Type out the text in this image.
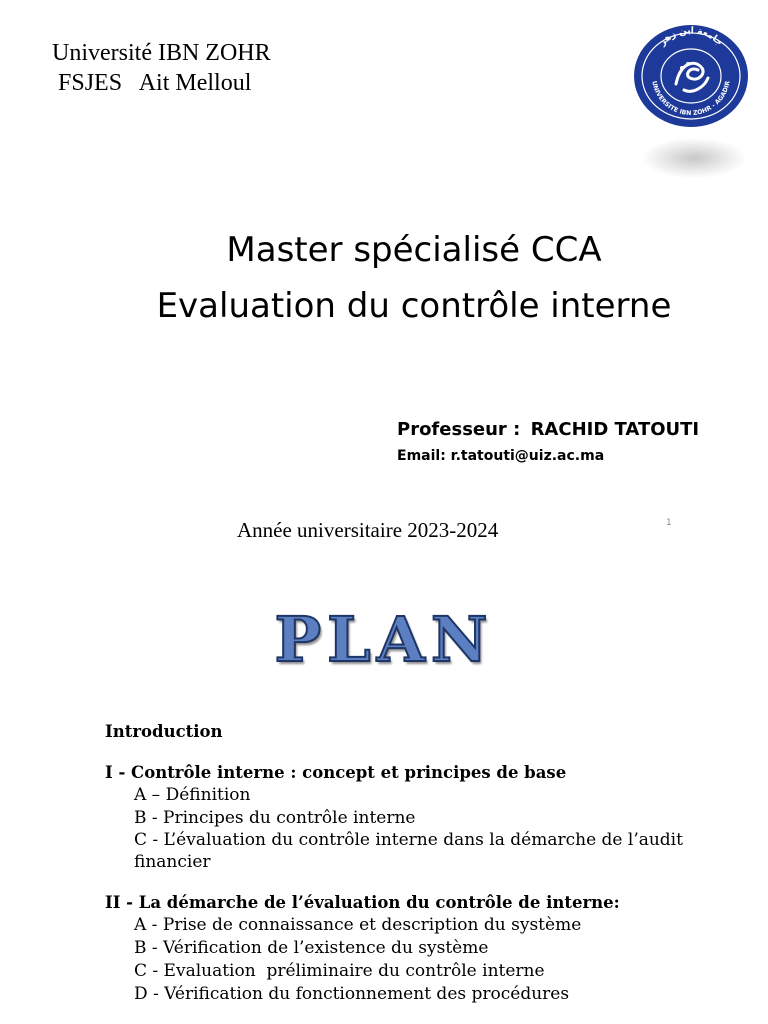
Université IBN ZOHR
FSJES   Ait Melloul
جامعة ابن زهر
UNIVERSITE IBN ZOHR - AGADIR
Master spécialisé CCA
Evaluation du contrôle interne
Professeur : RACHID TATOUTI
Email: r.tatouti@uiz.ac.ma
Année universitaire 2023-2024	1
PLAN
Introduction
I - Contrôle interne : concept et principes de base
A – Définition
B - Principes du contrôle interne
C - L’évaluation du contrôle interne dans la démarche de l’audit
financier
II - La démarche de l’évaluation du contrôle de interne:
A - Prise de connaissance et description du système
B - Vérification de l’existence du système
C - Evaluation  préliminaire du contrôle interne
D - Vérification du fonctionnement des procédures
